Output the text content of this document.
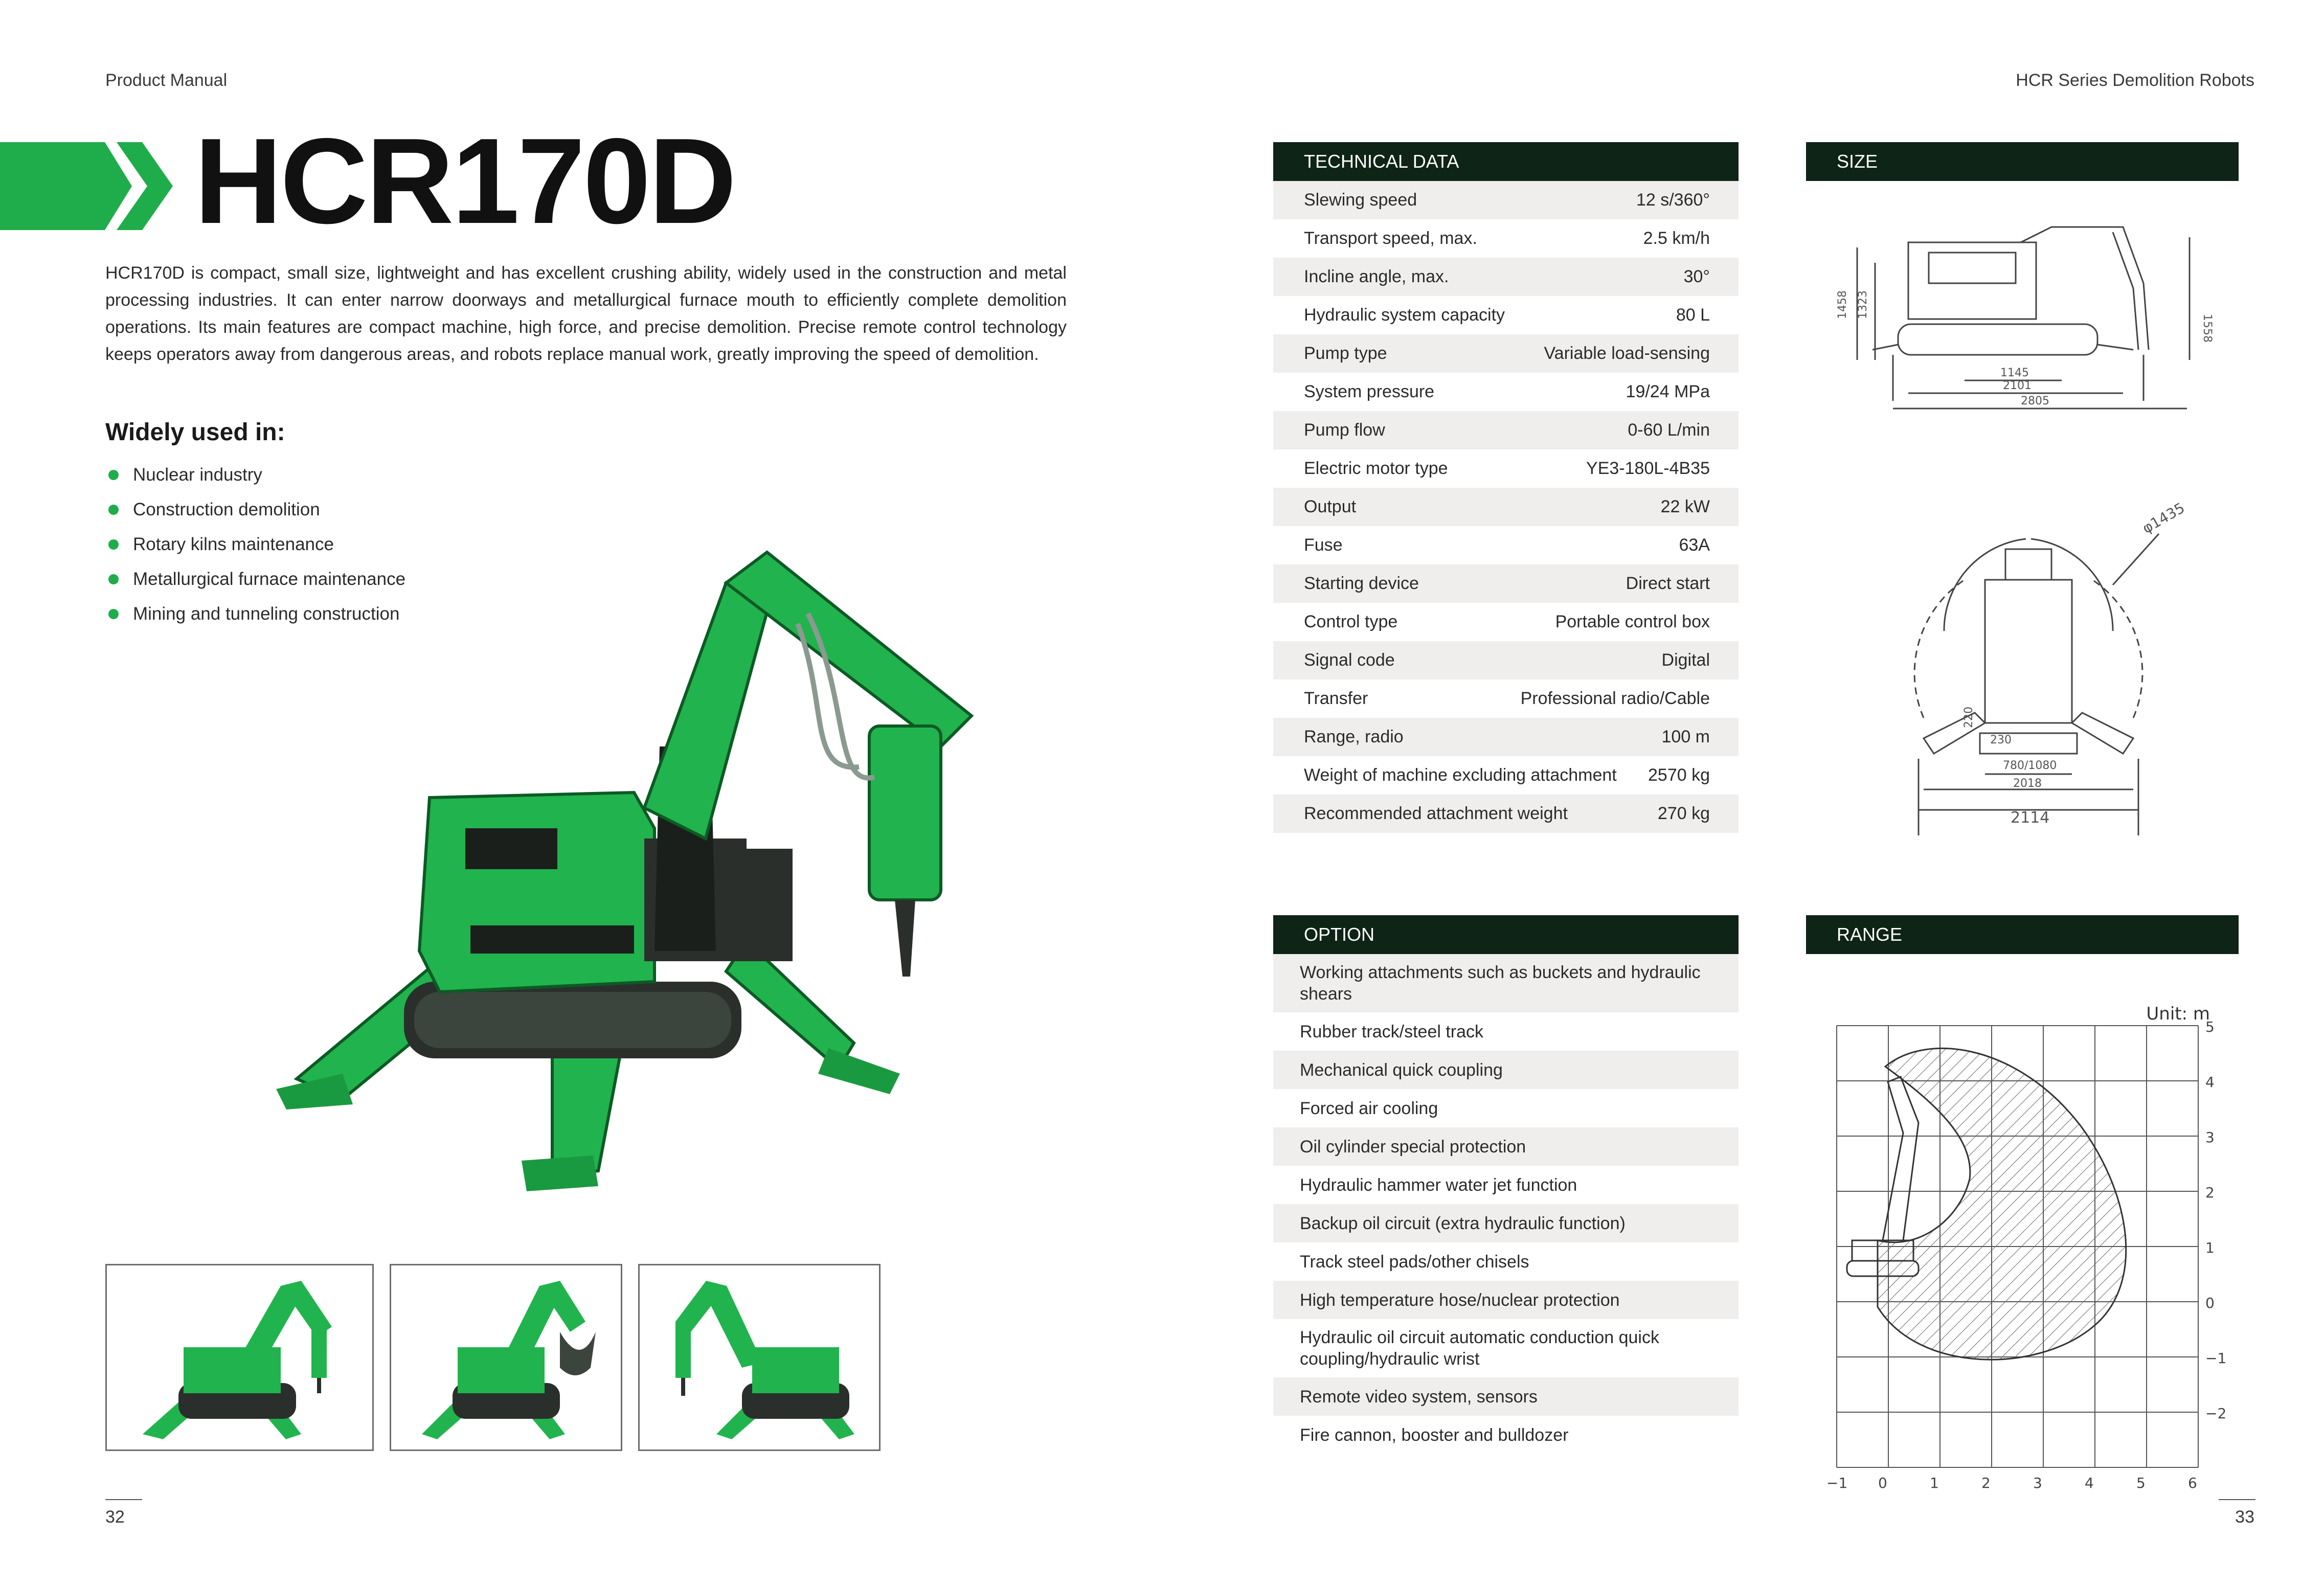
Product Manual	HCR Series Demolition Robots
HCR170D
HCR170D is compact, small size, lightweight and has excellent crushing ability, widely used in the construction and metal processing industries. It can enter narrow doorways and metallurgical furnace mouth to efficiently complete demolition operations. Its main features are compact machine, high force, and precise demolition. Precise remote control technology keeps operators away from dangerous areas, and robots replace manual work, greatly improving the speed of demolition.
Widely used in:
Nuclear industry
Construction demolition
Rotary kilns maintenance
Metallurgical furnace maintenance
Mining and tunneling construction
TECHNICAL DATA
Slewing speed	12 s/360°
Transport speed, max.	2.5 km/h
Incline angle, max.	30°
Hydraulic system capacity	80 L
Pump type	Variable load-sensing
System pressure	19/24 MPa
Pump flow	0-60 L/min
Electric motor type	YE3-180L-4B35
Output	22 kW
Fuse	63A
Starting device	Direct start
Control type	Portable control box
Signal code	Digital
Transfer	Professional radio/Cable
Range, radio	100 m
Weight of machine excluding attachment 2570 kg
Recommended attachment weight	270 kg
OPTION
Working attachments such as buckets and hydraulic shears
Rubber track/steel track
Mechanical quick coupling
Forced air cooling
Oil cylinder special protection
Hydraulic hammer water jet function
Backup oil circuit (extra hydraulic function)
Track steel pads/other chisels
High temperature hose/nuclear protection
Hydraulic oil circuit automatic conduction quick coupling/hydraulic wrist
Remote video system, sensors
Fire cannon, booster and bulldozer
SIZE
1458 1323
1558
1145
2101
2805
φ1435
230
780/1080
2018
2114
220
RANGE
Unit: m
5
4
3
2
1
0
−1
−2
−1 0	1	2	3	4	5	6
32	33
